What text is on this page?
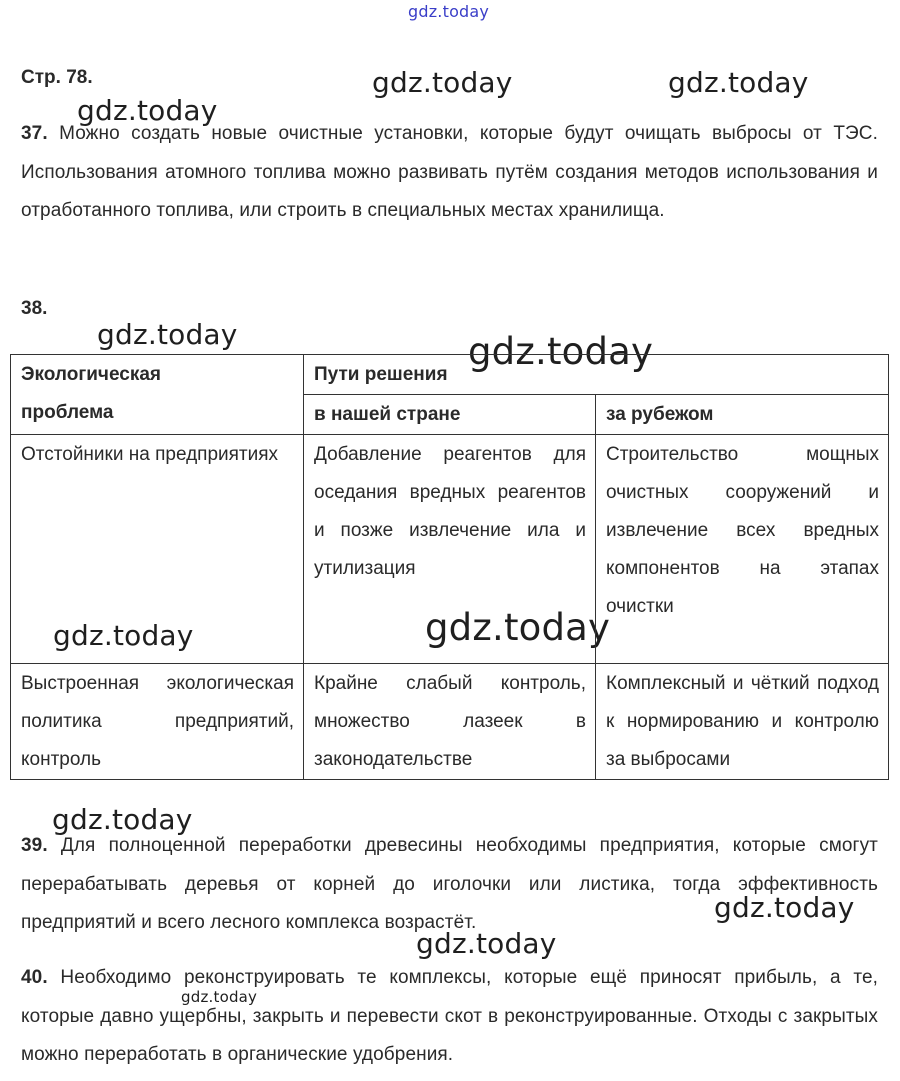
gdz.today
gdz.today	gdz.today
gdz.today
gdz.today	gdz.today
gdz.today
gdz.today
gdz.today
gdz.today
gdz.today
gdz.today
Стр. 78.
37. Можно создать новые очистные установки, которые будут очищать выбросы от ТЭС. Использования атомного топлива можно развивать путём создания методов использования и отработанного топлива, или строить в специальных местах хранилища.
38.
Экологическая проблема	Пути решения	
	в нашей стране	за рубежом
Отстойники на предприятиях	Добавление реагентов для оседания вредных реагентов и позже извлечение ила и утилизация	Строительство мощных очистных сооружений и извлечение всех вредных компонентов на этапах очистки
Выстроенная экологическая политика предприятий, контроль	Крайне слабый контроль, множество лазеек в законодательстве	Комплексный и чёткий подход к нормированию и контролю за выбросами
39. Для полноценной переработки древесины необходимы предприятия, которые смогут перерабатывать деревья от корней до иголочки или листика, тогда эффективность предприятий и всего лесного комплекса возрастёт.
40. Необходимо реконструировать те комплексы, которые ещё приносят прибыль, а те, которые давно ущербны, закрыть и перевести скот в реконструированные. Отходы с закрытых можно переработать в органические удобрения.
